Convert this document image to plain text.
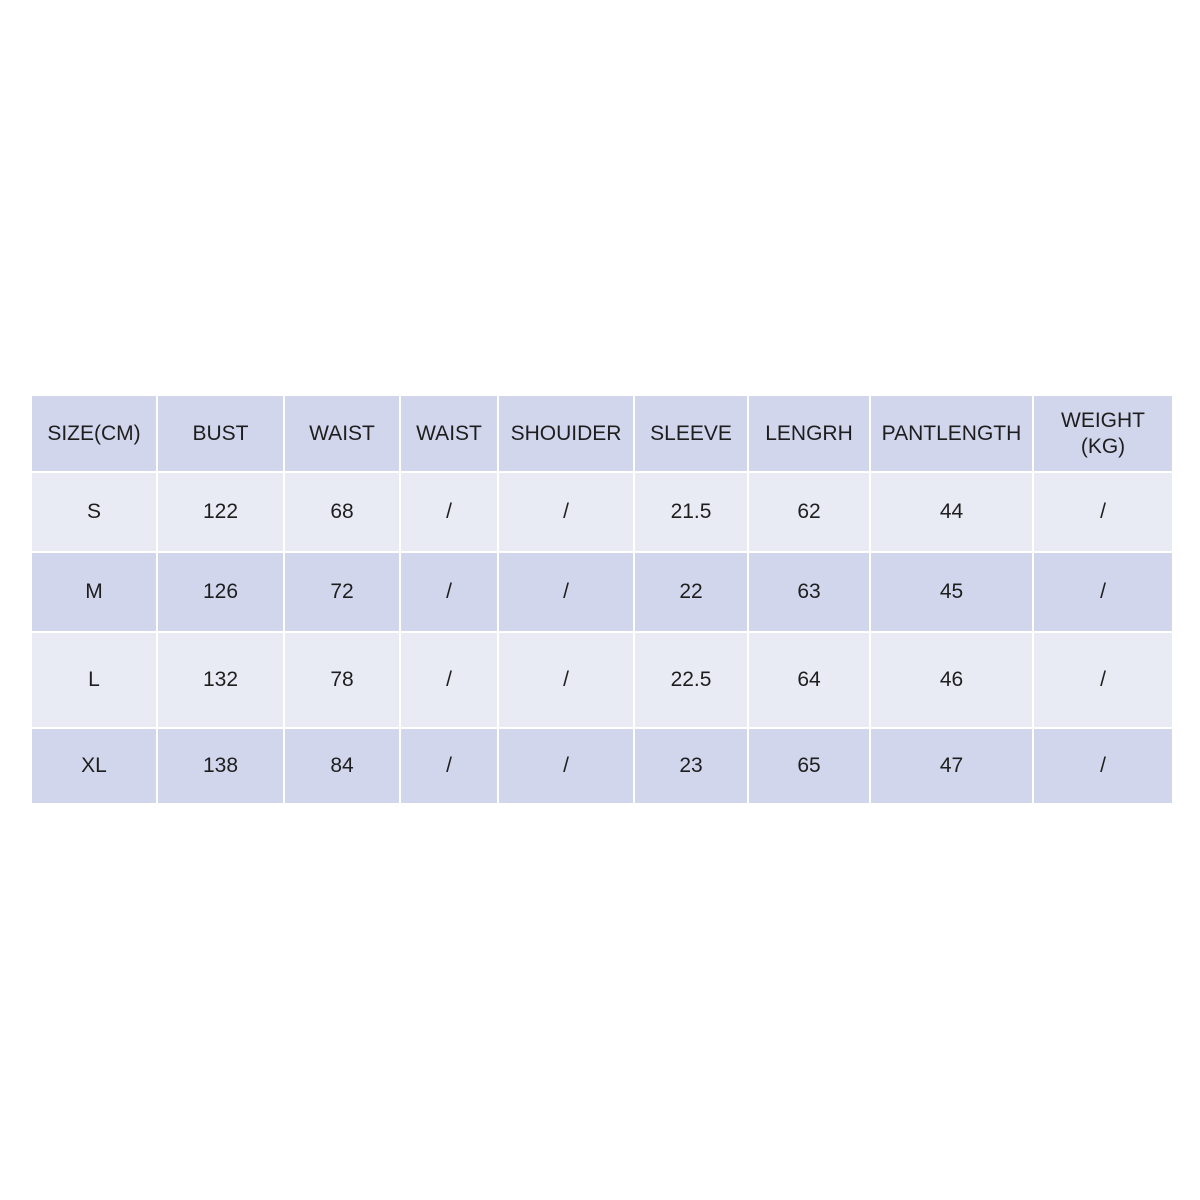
SIZE(CM)	BUST	WAIST	WAIST	SHOUIDER	SLEEVE	LENGRH	PANTLENGTH	WEIGHT
(KG)

S	122	68	/	/	21.5	62	44	/
M	126	72	/	/	22	63	45	/
L	132	78	/	/	22.5	64	46	/
XL	138	84	/	/	23	65	47	/
